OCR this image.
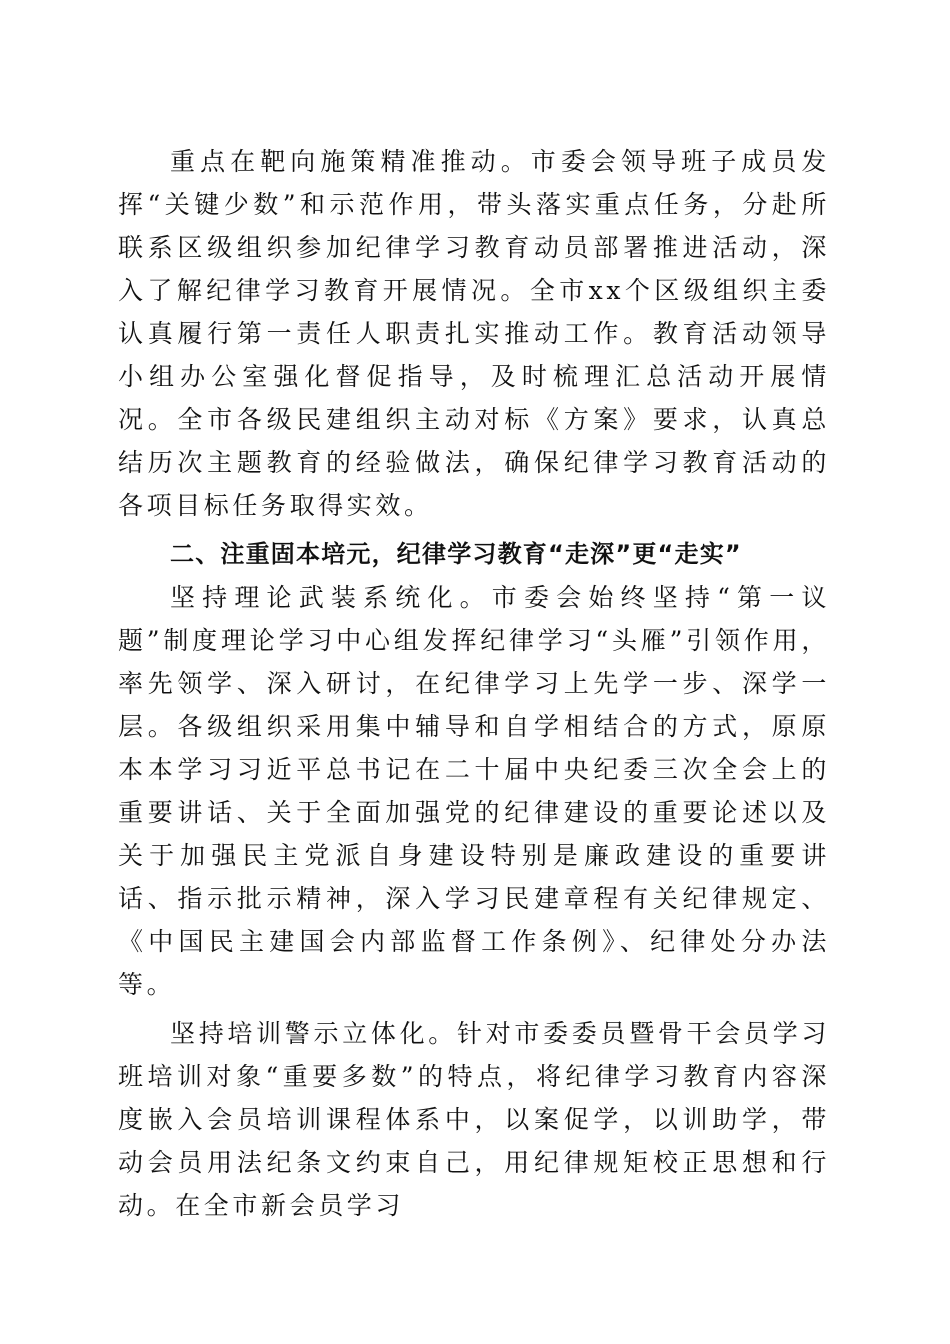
重点在靶向施策精准推动。市委会领导班子成员发挥“关键少数”和示范作用，带头落实重点任务，分赴所联系区级组织参加纪律学习教育动员部署推进活动，深入了解纪律学习教育开展情况。全市xx个区级组织主委认真履行第一责任人职责扎实推动工作。教育活动领导小组办公室强化督促指导，及时梳理汇总活动开展情况。全市各级民建组织主动对标《方案》要求，认真总结历次主题教育的经验做法，确保纪律学习教育活动的各项目标任务取得实效。

二、注重固本培元，纪律学习教育“走深”更“走实”

坚持理论武装系统化。市委会始终坚持“第一议题”制度理论学习中心组发挥纪律学习“头雁”引领作用，率先领学、深入研讨，在纪律学习上先学一步、深学一层。各级组织采用集中辅导和自学相结合的方式，原原本本学习习近平总书记在二十届中央纪委三次全会上的重要讲话、关于全面加强党的纪律建设的重要论述以及关于加强民主党派自身建设特别是廉政建设的重要讲话、指示批示精神，深入学习民建章程有关纪律规定、《中国民主建国会内部监督工作条例》、纪律处分办法等。

坚持培训警示立体化。针对市委委员暨骨干会员学习班培训对象“重要多数”的特点，将纪律学习教育内容深度嵌入会员培训课程体系中，以案促学，以训助学，带动会员用法纪条文约束自己，用纪律规矩校正思想和行动。在全市新会员学习
